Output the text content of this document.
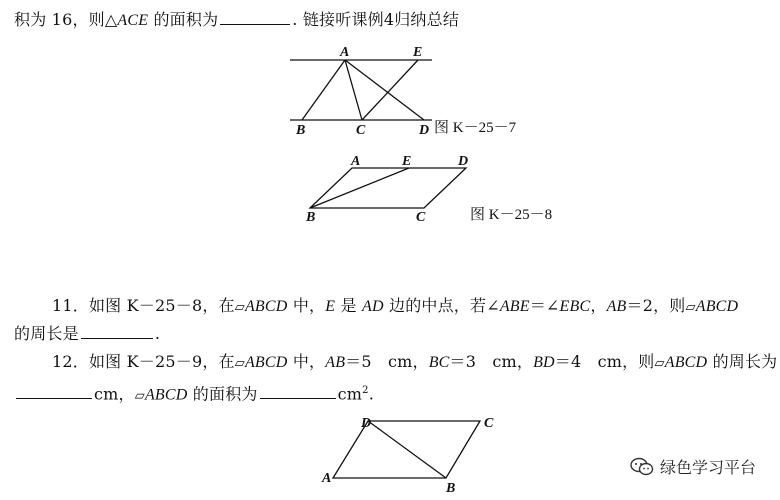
积为 16，则△ACE 的面积为	. 链接听课例4归纳总结
A	E
B	C	D
A	E	D
B	C
D	C
A
B
图 K－25－7
图 K－25－8
11．如图 K－25－8，在▱ABCD 中，E 是 AD 边的中点，若∠ABE＝∠EBC，AB＝2，则▱ABCD
的周长是	.
12．如图 K－25－9，在▱ABCD 中，AB＝5　cm，BC＝3　cm，BD＝4　cm，则▱ABCD 的周长为
cm，▱ABCD 的面积为	$cm^2$.
绿色学习平台
